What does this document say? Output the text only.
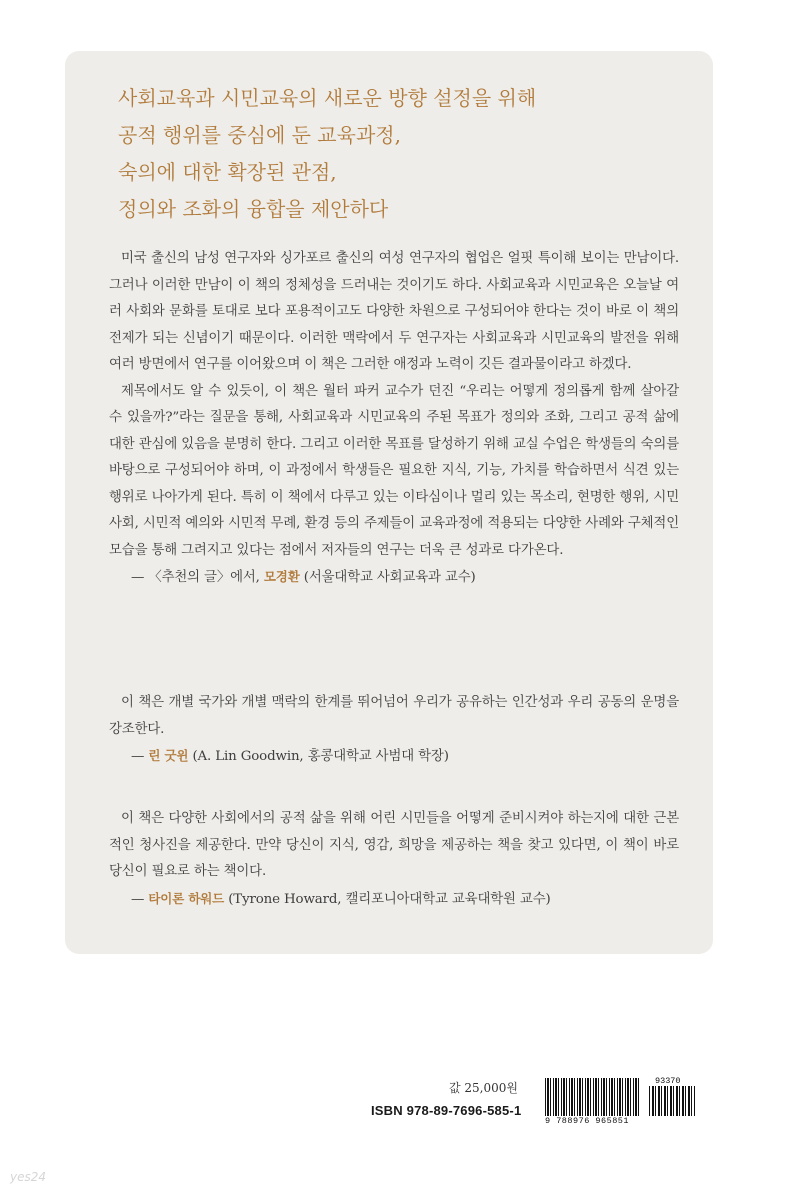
사회교육과 시민교육의 새로운 방향 설정을 위해
공적 행위를 중심에 둔 교육과정,
숙의에 대한 확장된 관점,
정의와 조화의 융합을 제안하다

미국 출신의 남성 연구자와 싱가포르 출신의 여성 연구자의 협업은 얼핏 특이해 보이는 만남이다. 그러나 이러한 만남이 이 책의 정체성을 드러내는 것이기도 하다. 사회교육과 시민교육은 오늘날 여러 사회와 문화를 토대로 보다 포용적이고도 다양한 차원으로 구성되어야 한다는 것이 바로 이 책의 전제가 되는 신념이기 때문이다. 이러한 맥락에서 두 연구자는 사회교육과 시민교육의 발전을 위해 여러 방면에서 연구를 이어왔으며 이 책은 그러한 애정과 노력이 깃든 결과물이라고 하겠다.

제목에서도 알 수 있듯이, 이 책은 월터 파커 교수가 던진 “우리는 어떻게 정의롭게 함께 살아갈 수 있을까?”라는 질문을 통해, 사회교육과 시민교육의 주된 목표가 정의와 조화, 그리고 공적 삶에 대한 관심에 있음을 분명히 한다. 그리고 이러한 목표를 달성하기 위해 교실 수업은 학생들의 숙의를 바탕으로 구성되어야 하며, 이 과정에서 학생들은 필요한 지식, 기능, 가치를 학습하면서 식견 있는 행위로 나아가게 된다. 특히 이 책에서 다루고 있는 이타심이나 멀리 있는 목소리, 현명한 행위, 시민사회, 시민적 예의와 시민적 무례, 환경 등의 주제들이 교육과정에 적용되는 다양한 사례와 구체적인 모습을 통해 그려지고 있다는 점에서 저자들의 연구는 더욱 큰 성과로 다가온다.

— 〈추천의 글〉에서, 모경환 (서울대학교 사회교육과 교수)

이 책은 개별 국가와 개별 맥락의 한계를 뛰어넘어 우리가 공유하는 인간성과 우리 공동의 운명을 강조한다.

— 린 굿윈 (A. Lin Goodwin, 홍콩대학교 사범대 학장)

이 책은 다양한 사회에서의 공적 삶을 위해 어린 시민들을 어떻게 준비시켜야 하는지에 대한 근본적인 청사진을 제공한다. 만약 당신이 지식, 영감, 희망을 제공하는 책을 찾고 있다면, 이 책이 바로 당신이 필요로 하는 책이다.

— 타이론 하워드 (Tyrone Howard, 캘리포니아대학교 교육대학원 교수)

값 25,000원
ISBN 978-89-7696-585-1
9 788976 965851
93370
yes24
